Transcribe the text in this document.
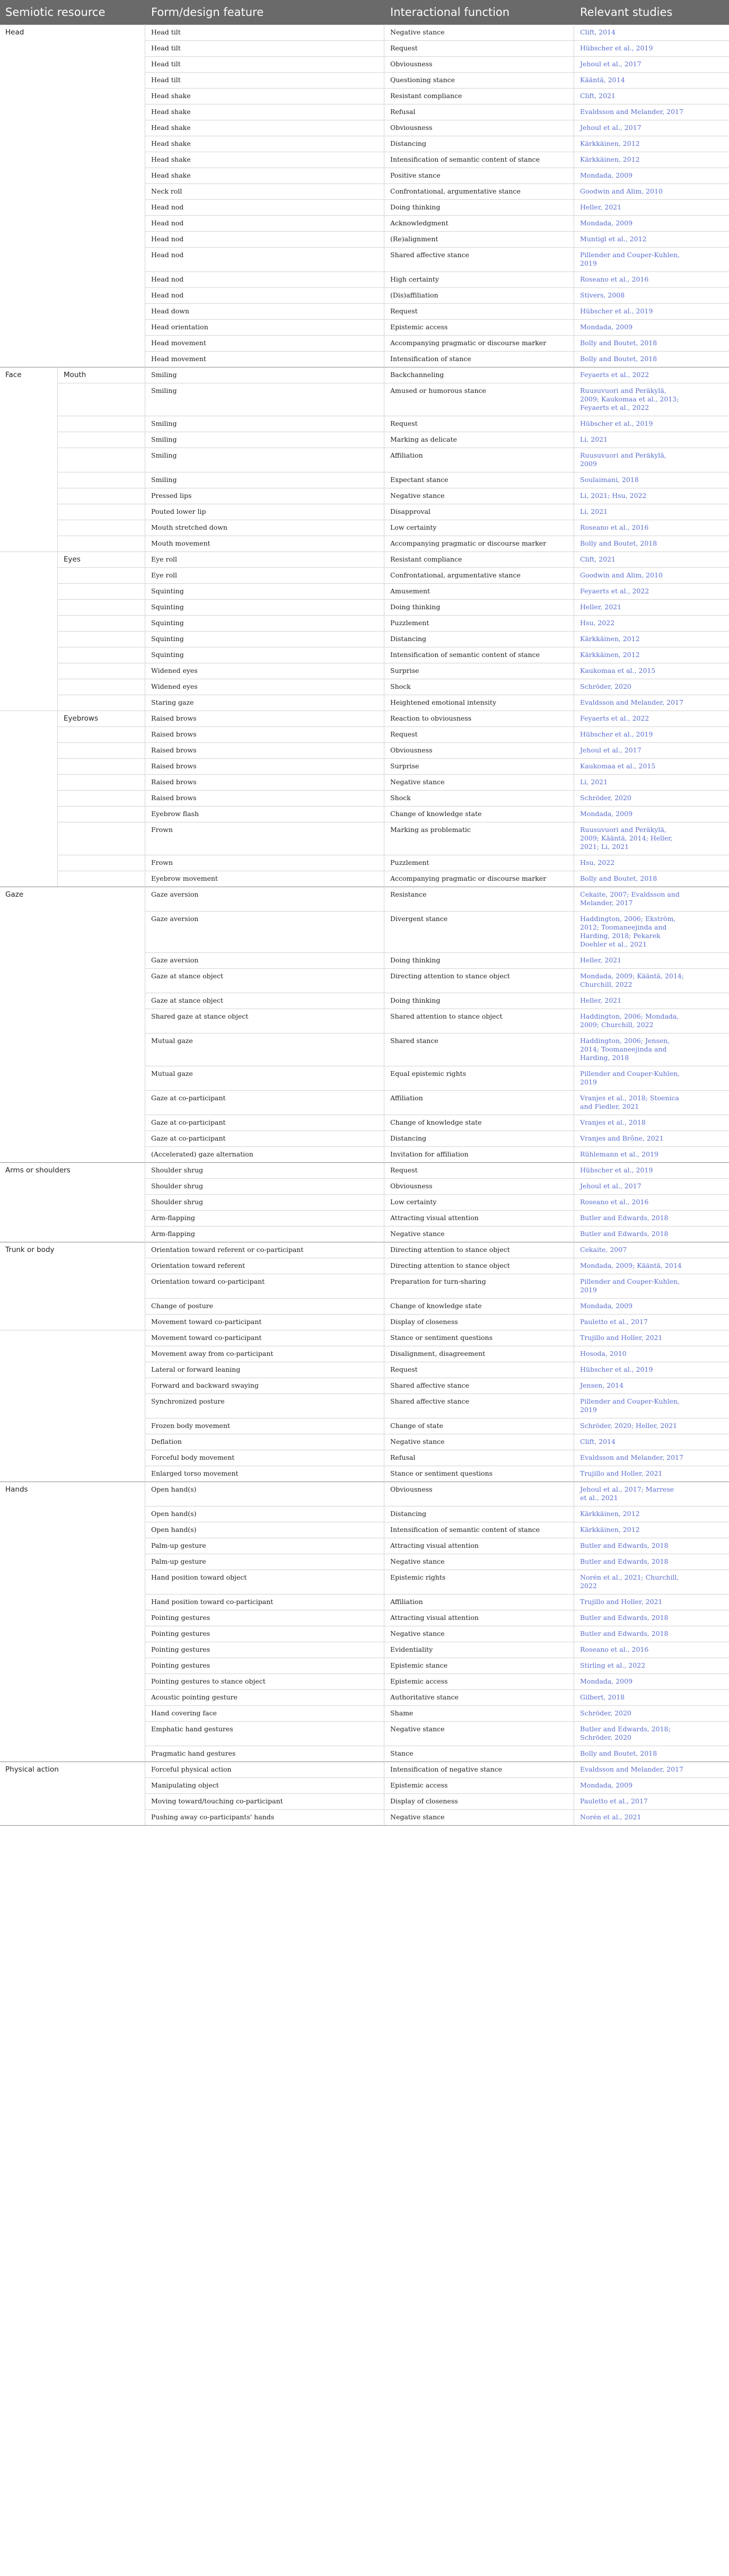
Semiotic resource	Form/design feature	Interactional function	Relevant studies
Head	Head tilt	Negative stance	Clift, 2014
Head tilt	Request	Hübscher et al., 2019
Head tilt	Obviousness	Jehoul et al., 2017
Head tilt	Questioning stance	Kääntä, 2014
Head shake	Resistant compliance	Clift, 2021
Head shake	Refusal	Evaldsson and Melander, 2017
Head shake	Obviousness	Jehoul et al., 2017
Head shake	Distancing	Kärkkäinen, 2012
Head shake	Intensification of semantic content of stance	Kärkkäinen, 2012
Head shake	Positive stance	Mondada, 2009
Neck roll	Confrontational, argumentative stance	Goodwin and Alim, 2010
Head nod	Doing thinking	Heller, 2021
Head nod	Acknowledgment	Mondada, 2009
Head nod	(Re)alignment	Muntigl et al., 2012
Head nod	Shared affective stance	Pillender and Couper-Kuhlen,
2019
Head nod	High certainty	Roseano et al., 2016
Head nod	(Dis)affiliation	Stivers, 2008
Head down	Request	Hübscher et al., 2019
Head orientation	Epistemic access	Mondada, 2009
Head movement	Accompanying pragmatic or discourse marker	Bolly and Boutet, 2018
Head movement	Intensification of stance	Bolly and Boutet, 2018
Face	Mouth	Smiling	Backchanneling	Feyaerts et al., 2022
Smiling	Amused or humorous stance	Ruusuvuori and Peräkylä,
2009; Kaukomaa et al., 2013;
Feyaerts et al., 2022
Smiling	Request	Hübscher et al., 2019
Smiling	Marking as delicate	Li, 2021
Smiling	Affiliation	Ruusuvuori and Peräkylä,
2009
Smiling	Expectant stance	Soulaimani, 2018
Pressed lips	Negative stance	Li, 2021; Hsu, 2022
Pouted lower lip	Disapproval	Li, 2021
Mouth stretched down	Low certainty	Roseano et al., 2016
Mouth movement	Accompanying pragmatic or discourse marker	Bolly and Boutet, 2018
Eyes	Eye roll	Resistant compliance	Clift, 2021
Eye roll	Confrontational, argumentative stance	Goodwin and Alim, 2010
Squinting	Amusement	Feyaerts et al., 2022
Squinting	Doing thinking	Heller, 2021
Squinting	Puzzlement	Hsu, 2022
Squinting	Distancing	Kärkkäinen, 2012
Squinting	Intensification of semantic content of stance	Kärkkäinen, 2012
Widened eyes	Surprise	Kaukomaa et al., 2015
Widened eyes	Shock	Schröder, 2020
Staring gaze	Heightened emotional intensity	Evaldsson and Melander, 2017
Eyebrows	Raised brows	Reaction to obviousness	Feyaerts et al., 2022
Raised brows	Request	Hübscher et al., 2019
Raised brows	Obviousness	Jehoul et al., 2017
Raised brows	Surprise	Kaukomaa et al., 2015
Raised brows	Negative stance	Li, 2021
Raised brows	Shock	Schröder, 2020
Eyebrow flash	Change of knowledge state	Mondada, 2009
Frown	Marking as problematic	Ruusuvuori and Peräkylä,
2009; Kääntä, 2014; Heller,
2021; Li, 2021
Frown	Puzzlement	Hsu, 2022
Eyebrow movement	Accompanying pragmatic or discourse marker	Bolly and Boutet, 2018
Gaze	Gaze aversion	Resistance	Cekaite, 2007; Evaldsson and
Melander, 2017
Gaze aversion	Divergent stance	Haddington, 2006; Ekström,
2012; Toomaneejinda and
Harding, 2018; Pekarek
Doehler et al., 2021
Gaze aversion	Doing thinking	Heller, 2021
Gaze at stance object	Directing attention to stance object	Mondada, 2009; Kääntä, 2014;
Churchill, 2022
Gaze at stance object	Doing thinking	Heller, 2021
Shared gaze at stance object	Shared attention to stance object	Haddington, 2006; Mondada,
2009; Churchill, 2022
Mutual gaze	Shared stance	Haddington, 2006; Jensen,
2014; Toomaneejinda and
Harding, 2018
Mutual gaze	Equal epistemic rights	Pillender and Couper-Kuhlen,
2019
Gaze at co-participant	Affiliation	Vranjes et al., 2018; Stoenica
and Fiedler, 2021
Gaze at co-participant	Change of knowledge state	Vranjes et al., 2018
Gaze at co-participant	Distancing	Vranjes and Brône, 2021
(Accelerated) gaze alternation	Invitation for affiliation	Rühlemann et al., 2019
Arms or shoulders	Shoulder shrug	Request	Hübscher et al., 2019
Shoulder shrug	Obviousness	Jehoul et al., 2017
Shoulder shrug	Low certainty	Roseano et al., 2016
Arm-flapping	Attracting visual attention	Butler and Edwards, 2018
Arm-flapping	Negative stance	Butler and Edwards, 2018
Trunk or body	Orientation toward referent or co-participant	Directing attention to stance object	Cekaite, 2007
Orientation toward referent	Directing attention to stance object	Mondada, 2009; Kääntä, 2014
Orientation toward co-participant	Preparation for turn-sharing	Pillender and Couper-Kuhlen,
2019
Change of posture	Change of knowledge state	Mondada, 2009
Movement toward co-participant	Display of closeness	Pauletto et al., 2017
Movement toward co-participant	Stance or sentiment questions	Trujillo and Holler, 2021
Movement away from co-participant	Disalignment, disagreement	Hosoda, 2010
Lateral or forward leaning	Request	Hübscher et al., 2019
Forward and backward swaying	Shared affective stance	Jensen, 2014
Synchronized posture	Shared affective stance	Pillender and Couper-Kuhlen,
2019
Frozen body movement	Change of state	Schröder, 2020; Heller, 2021
Deflation	Negative stance	Clift, 2014
Forceful body movement	Refusal	Evaldsson and Melander, 2017
Enlarged torso movement	Stance or sentiment questions	Trujillo and Holler, 2021
Hands	Open hand(s)	Obviousness	Jehoul et al., 2017; Marrese
et al., 2021
Open hand(s)	Distancing	Kärkkäinen, 2012
Open hand(s)	Intensification of semantic content of stance	Kärkkäinen, 2012
Palm-up gesture	Attracting visual attention	Butler and Edwards, 2018
Palm-up gesture	Negative stance	Butler and Edwards, 2018
Hand position toward object	Epistemic rights	Norén et al., 2021; Churchill,
2022
Hand position toward co-participant	Affiliation	Trujillo and Holler, 2021
Pointing gestures	Attracting visual attention	Butler and Edwards, 2018
Pointing gestures	Negative stance	Butler and Edwards, 2018
Pointing gestures	Evidentiality	Roseano et al., 2016
Pointing gestures	Epistemic stance	Stirling et al., 2022
Pointing gestures to stance object	Epistemic access	Mondada, 2009
Acoustic pointing gesture	Authoritative stance	Gilbert, 2018
Hand covering face	Shame	Schröder, 2020
Emphatic hand gestures	Negative stance	Butler and Edwards, 2018;
Schröder, 2020
Pragmatic hand gestures	Stance	Bolly and Boutet, 2018
Physical action	Forceful physical action	Intensification of negative stance	Evaldsson and Melander, 2017
Manipulating object	Epistemic access	Mondada, 2009
Moving toward/touching co-participant	Display of closeness	Pauletto et al., 2017
Pushing away co-participants' hands	Negative stance	Norén et al., 2021
